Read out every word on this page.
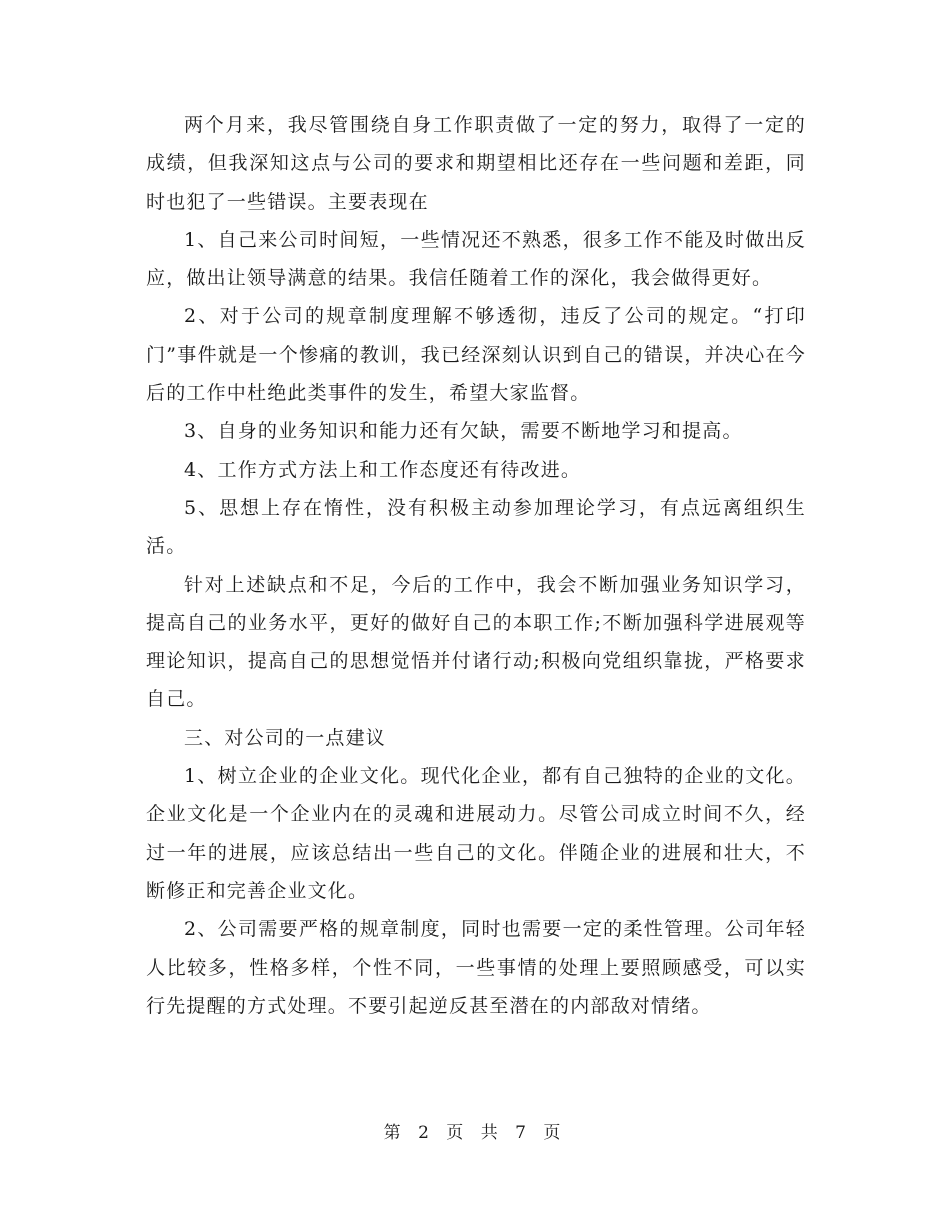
两个月来，我尽管围绕自身工作职责做了一定的努力，取得了一定的成绩，但我深知这点与公司的要求和期望相比还存在一些问题和差距，同时也犯了一些错误。主要表现在

1、自己来公司时间短，一些情况还不熟悉，很多工作不能及时做出反应，做出让领导满意的结果。我信任随着工作的深化，我会做得更好。

2、对于公司的规章制度理解不够透彻，违反了公司的规定。“打印门”事件就是一个惨痛的教训，我已经深刻认识到自己的错误，并决心在今后的工作中杜绝此类事件的发生，希望大家监督。

3、自身的业务知识和能力还有欠缺，需要不断地学习和提高。

4、工作方式方法上和工作态度还有待改进。

5、思想上存在惰性，没有积极主动参加理论学习，有点远离组织生活。

针对上述缺点和不足，今后的工作中，我会不断加强业务知识学习，提高自己的业务水平，更好的做好自己的本职工作;不断加强科学进展观等理论知识，提高自己的思想觉悟并付诸行动;积极向党组织靠拢，严格要求自己。

三、对公司的一点建议

1、树立企业的企业文化。现代化企业，都有自己独特的企业的文化。企业文化是一个企业内在的灵魂和进展动力。尽管公司成立时间不久，经过一年的进展，应该总结出一些自己的文化。伴随企业的进展和壮大，不断修正和完善企业文化。

2、公司需要严格的规章制度，同时也需要一定的柔性管理。公司年轻人比较多，性格多样，个性不同，一些事情的处理上要照顾感受，可以实行先提醒的方式处理。不要引起逆反甚至潜在的内部敌对情绪。

第 2 页 共 7 页
